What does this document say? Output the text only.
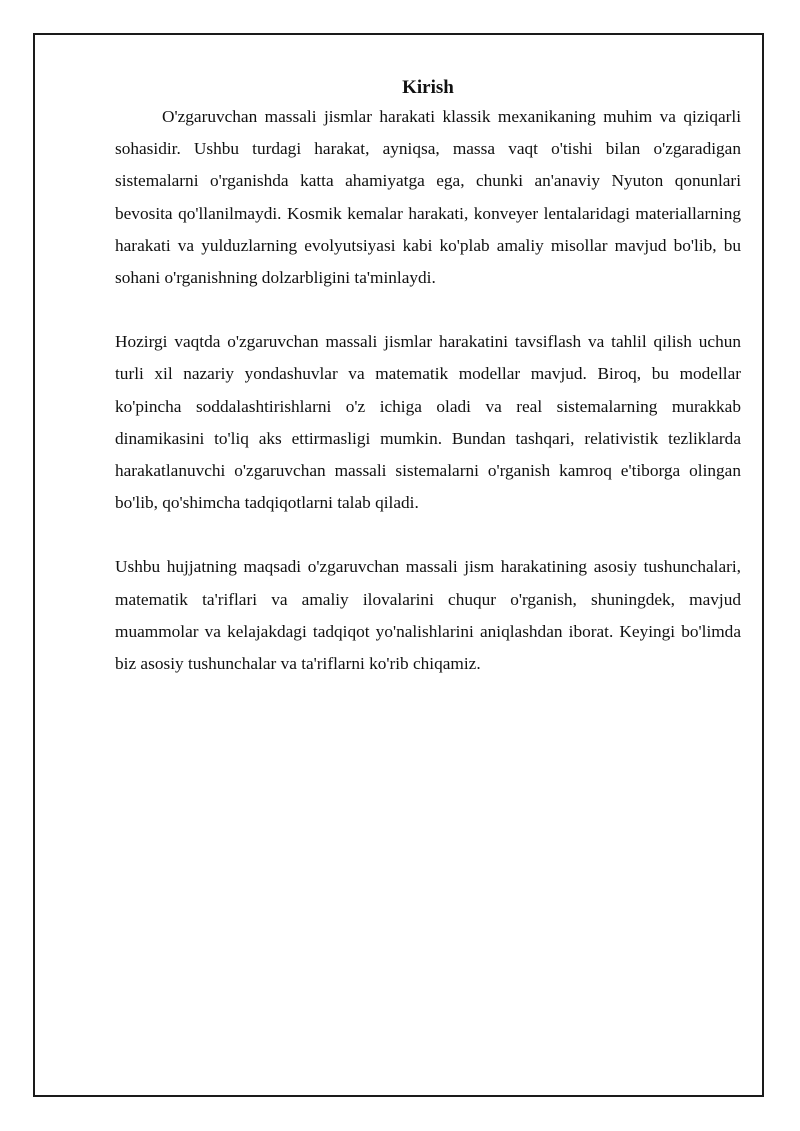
Kirish

O'zgaruvchan massali jismlar harakati klassik mexanikaning muhim va qiziqarli sohasidir. Ushbu turdagi harakat, ayniqsa, massa vaqt o'tishi bilan o'zgaradigan sistemalarni o'rganishda katta ahamiyatga ega, chunki an'anaviy Nyuton qonunlari bevosita qo'llanilmaydi. Kosmik kemalar harakati, konveyer lentalaridagi materiallarning harakati va yulduzlarning evolyutsiyasi kabi ko'plab amaliy misollar mavjud bo'lib, bu sohani o'rganishning dolzarbligini ta'minlaydi.

Hozirgi vaqtda o'zgaruvchan massali jismlar harakatini tavsiflash va tahlil qilish uchun turli xil nazariy yondashuvlar va matematik modellar mavjud. Biroq, bu modellar ko'pincha soddalashtirishlarni o'z ichiga oladi va real sistemalarning murakkab dinamikasini to'liq aks ettirmasligi mumkin. Bundan tashqari, relativistik tezliklarda harakatlanuvchi o'zgaruvchan massali sistemalarni o'rganish kamroq e'tiborga olingan bo'lib, qo'shimcha tadqiqotlarni talab qiladi.

Ushbu hujjatning maqsadi o'zgaruvchan massali jism harakatining asosiy tushunchalari, matematik ta'riflari va amaliy ilovalarini chuqur o'rganish, shuningdek, mavjud muammolar va kelajakdagi tadqiqot yo'nalishlarini aniqlashdan iborat. Keyingi bo'limda biz asosiy tushunchalar va ta'riflarni ko'rib chiqamiz.
